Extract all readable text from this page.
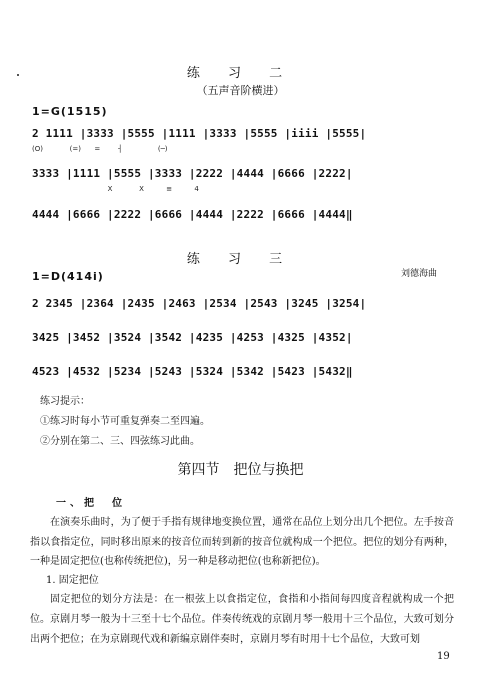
练 习 二
（五声音阶横进）
1=G(1515)
2 1111 |3333 |5555 |1111 |3333 |5555 |iiii |5555|
(O)            (=)      =        ┤                (─)
3333 |1111 |5555 |3333 |2222 |4444 |6666 |2222|
X            X          ≡          4
4444 |6666 |2222 |6666 |4444 |2222 |6666 |4444‖
练 习 三
刘德海曲
1=D(414i)
2 2345 |2364 |2435 |2463 |2534 |2543 |3245 |3254|
3425 |3452 |3524 |3542 |4235 |4253 |4325 |4352|
4523 |4532 |5234 |5243 |5324 |5342 |5423 |5432‖
练习提示：
①练习时每小节可重复弹奏二至四遍。
②分别在第二、三、四弦练习此曲。
第四节　把位与换把
一、把　位
在演奏乐曲时，为了便于手指有规律地变换位置，通常在品位上划分出几个把位。左手按音指以食指定位，同时移出原来的按音位而转到新的按音位就构成一个把位。把位的划分有两种，一种是固定把位(也称传统把位)，另一种是移动把位(也称新把位)。
1. 固定把位
固定把位的划分方法是：在一根弦上以食指定位，食指和小指间每四度音程就构成一个把位。 京剧月琴一般为十三至十七个品位。伴奏传统戏的京剧月琴一般用十三个品位，大致可划分出两个把位；在为京剧现代戏和新编京剧伴奏时，京剧月琴有时用十七个品位，大致可划
19
